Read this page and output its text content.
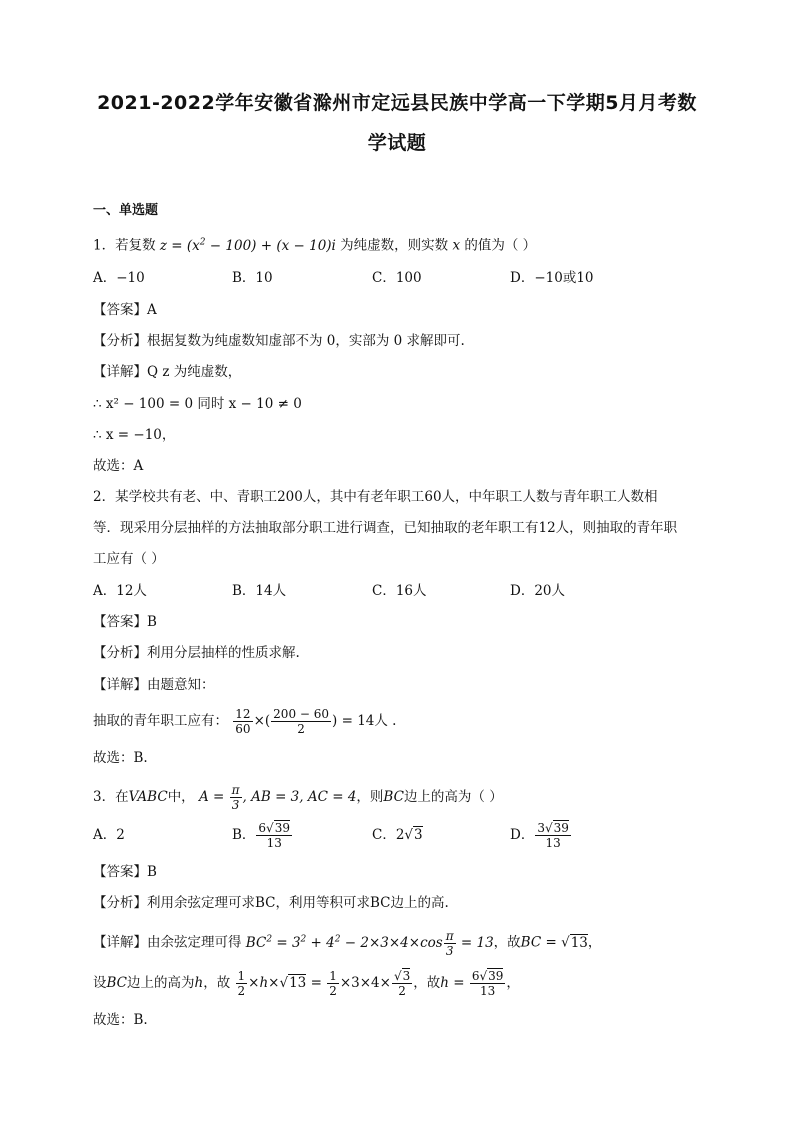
2021-2022学年安徽省滁州市定远县民族中学高一下学期5月月考数
学试题
一、单选题
1．若复数 $z = (x^2 - 100) + (x - 10)i$ 为纯虚数，则实数 x 的值为（ ）
A．−10	B．10	C．100	D．−10或10
【答案】A
【分析】根据复数为纯虚数知虚部不为 0，实部为 0 求解即可.
【详解】Q z 为纯虚数，
∴ x² − 100 = 0 同时 x − 10 ≠ 0
∴ x = −10，
故选：A
2．某学校共有老、中、青职工200人，其中有老年职工60人，中年职工人数与青年职工人数相
等．现采用分层抽样的方法抽取部分职工进行调查，已知抽取的老年职工有12人，则抽取的青年职
工应有（ ）
A．12人	B．14人	C．16人	D．20人
【答案】B
【分析】利用分层抽样的性质求解.
【详解】由题意知：
抽取的青年职工应有： $\frac{12}{60}$ ×( $\frac{200 - 60}{2}$ ) = 14人 .
故选：B.
3．在VABC中， $A = \frac{\pi}{3}$ , AB = 3, AC = 4，则BC边上的高为（ ）
A．2	B． $\frac{6√39}{13}$	C．2√3	D． $\frac{3√39}{13}$
【答案】B
【分析】利用余弦定理可求BC，利用等积可求BC边上的高.
【详解】由余弦定理可得 $BC^2 = 3^2 + 4^2 - 2\times 3\times 4\times\cos \frac{\pi}{3} = 13$，故BC = √13，
设BC边上的高为h，故 $\frac{1}{2} \times h\times√13 = \frac{1}{2} \times 3\times 4\times \frac{√3}{2}$ ，故$h = \frac{6√39}{13}$ ，
故选：B.
